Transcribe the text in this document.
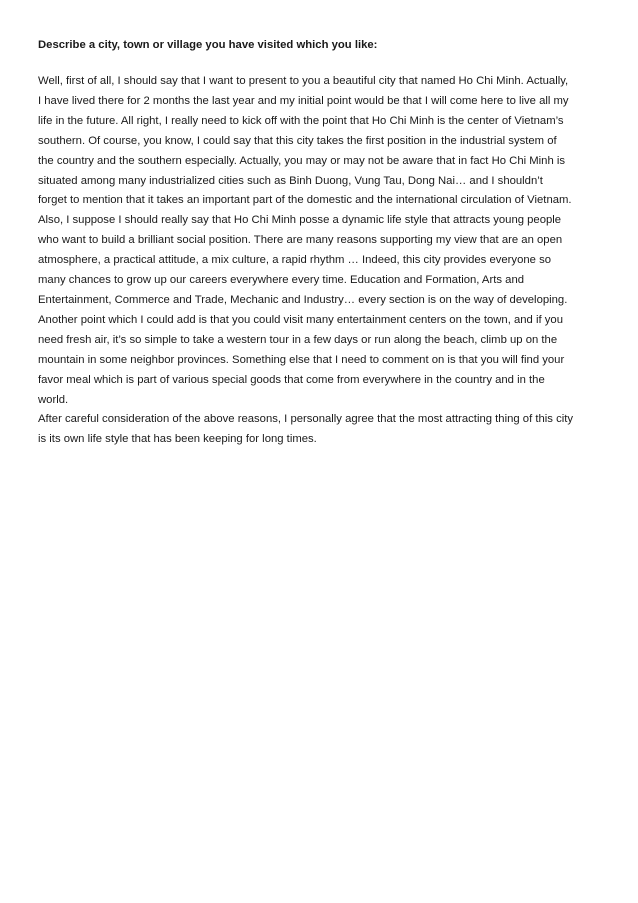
Describe a city, town or village you have visited which you like:
Well, first of all, I should say that I want to present to you a beautiful city that named Ho Chi Minh. Actually,
I have lived there for 2 months the last year and my initial point would be that I will come here to live all my
life in the future. All right, I really need to kick off with the point that Ho Chi Minh is the center of Vietnam’s
southern. Of course, you know, I could say that this city takes the first position in the industrial system of
the country and the southern especially. Actually, you may or may not be aware that in fact Ho Chi Minh is
situated among many industrialized cities such as Binh Duong, Vung Tau, Dong Nai… and I shouldn’t
forget to mention that it takes an important part of the domestic and the international circulation of Vietnam.
Also, I suppose I should really say that Ho Chi Minh posse a dynamic life style that attracts young people
who want to build a brilliant social position. There are many reasons supporting my view that are an open
atmosphere, a practical attitude, a mix culture, a rapid rhythm … Indeed, this city provides everyone so
many chances to grow up our careers everywhere every time. Education and Formation, Arts and
Entertainment, Commerce and Trade, Mechanic and Industry… every section is on the way of developing.
Another point which I could add is that you could visit many entertainment centers on the town, and if you
need fresh air, it’s so simple to take a western tour in a few days or run along the beach, climb up on the
mountain in some neighbor provinces. Something else that I need to comment on is that you will find your
favor meal which is part of various special goods that come from everywhere in the country and in the
world.
After careful consideration of the above reasons, I personally agree that the most attracting thing of this city
is its own life style that has been keeping for long times.
